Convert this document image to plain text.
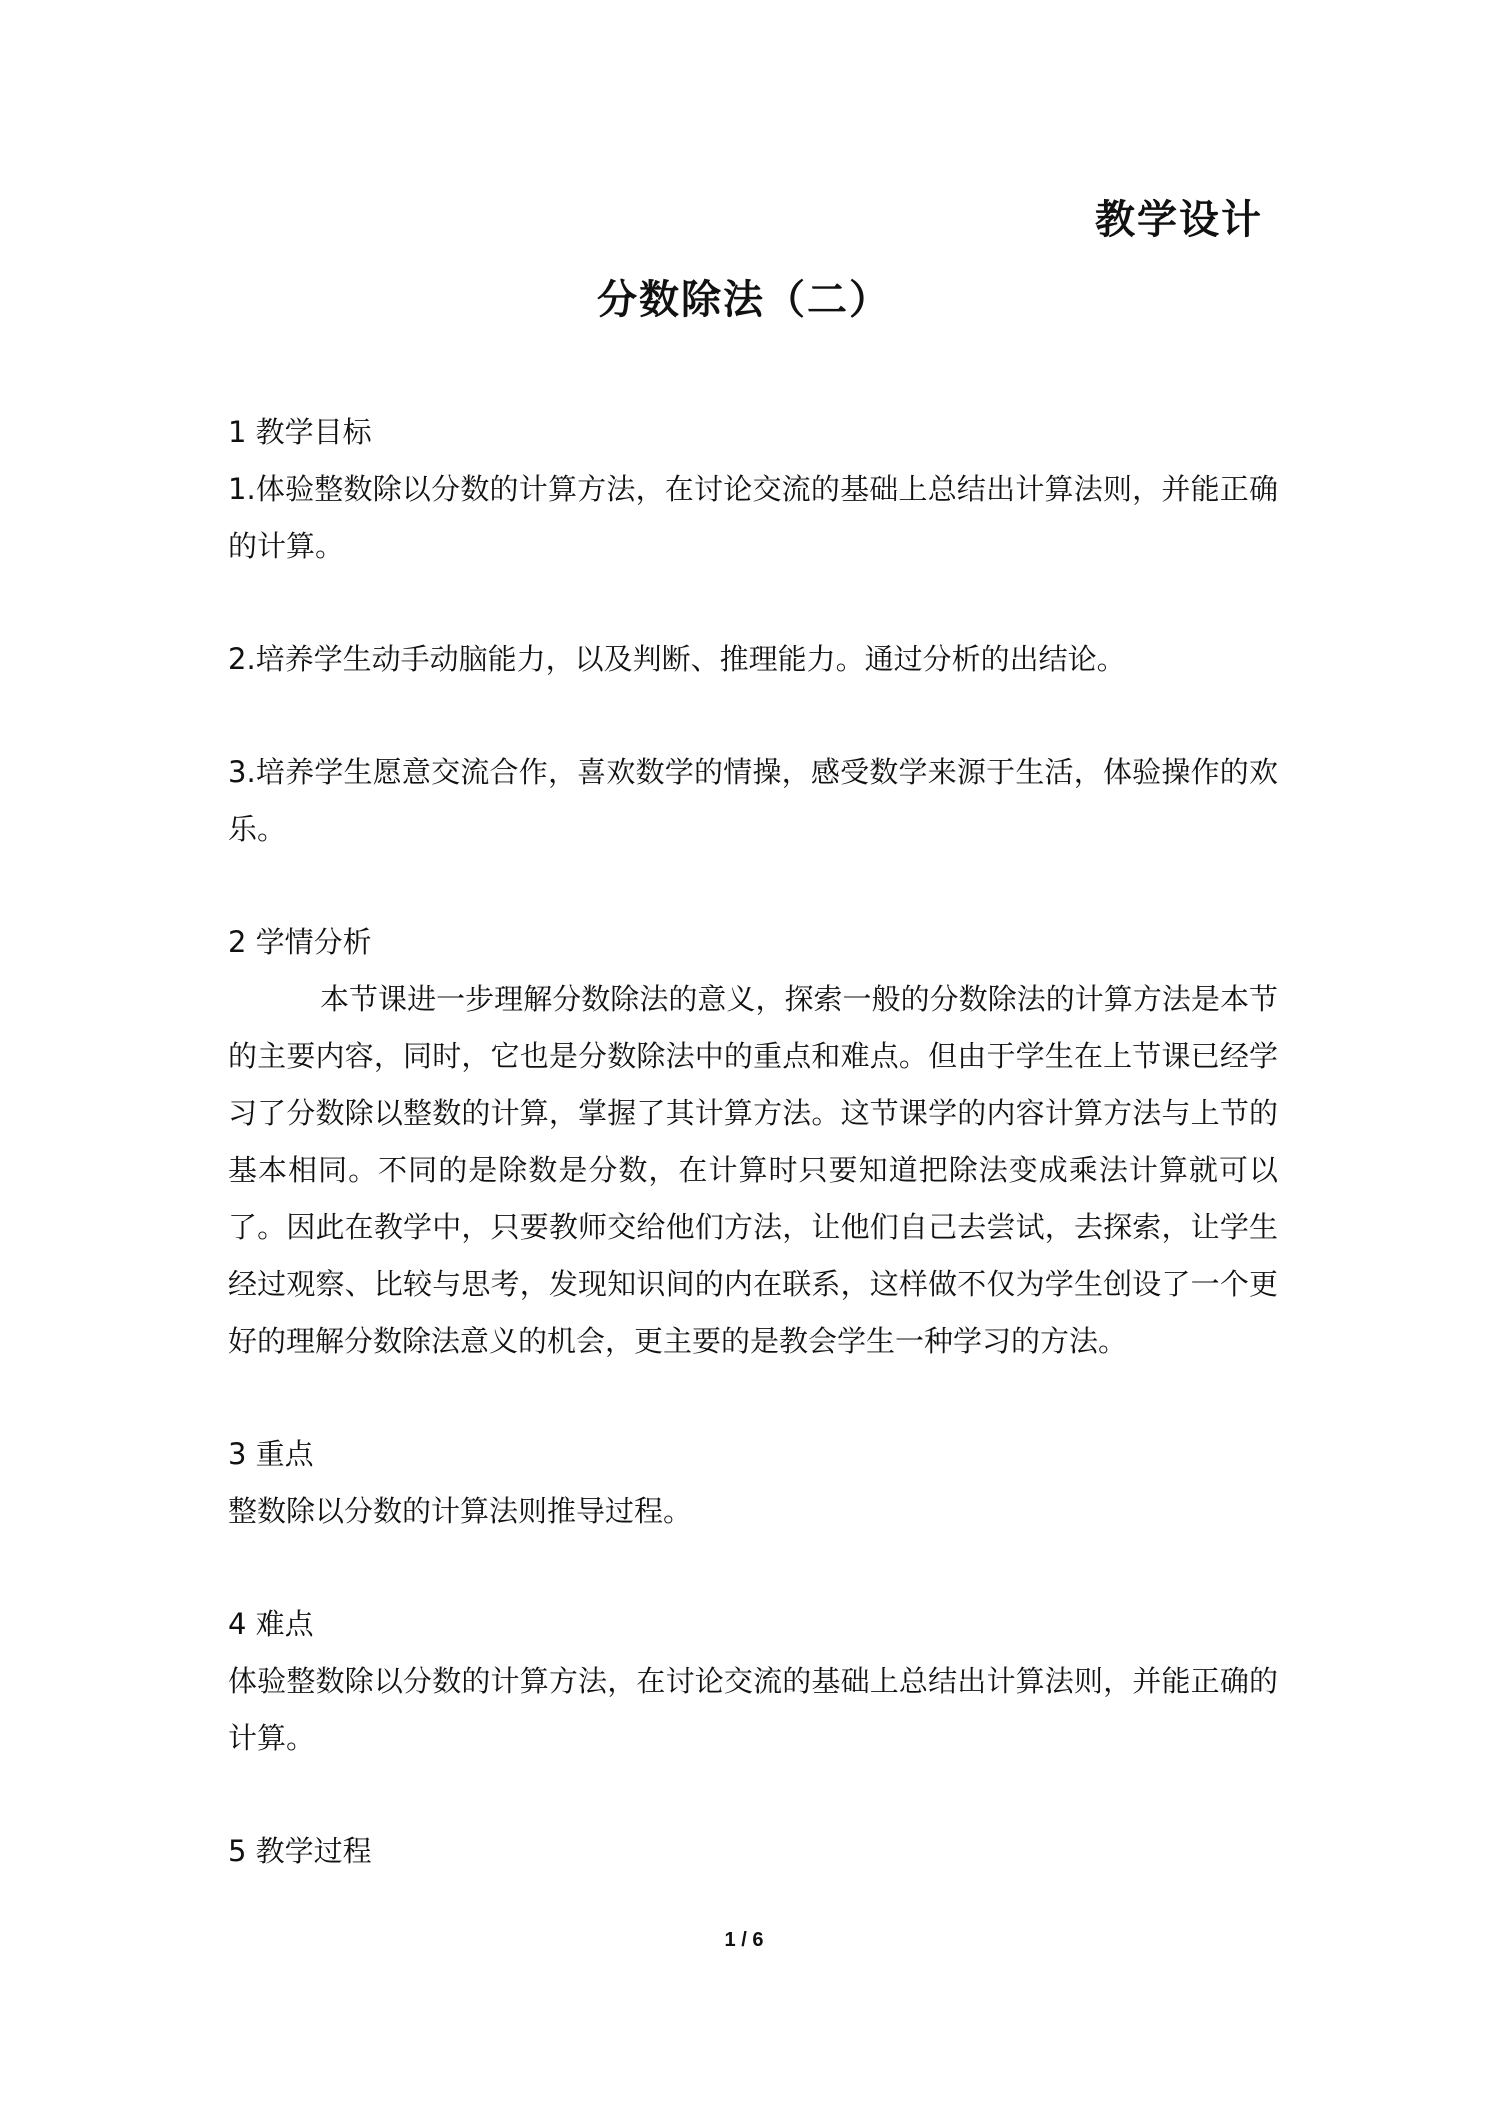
教学设计
分数除法（二）

1 教学目标

1.体验整数除以分数的计算方法，在讨论交流的基础上总结出计算法则，并能正确的计算。

2.培养学生动手动脑能力，以及判断、推理能力。通过分析的出结论。

3.培养学生愿意交流合作，喜欢数学的情操，感受数学来源于生活，体验操作的欢乐。

2 学情分析

本节课进一步理解分数除法的意义，探索一般的分数除法的计算方法是本节的主要内容，同时，它也是分数除法中的重点和难点。但由于学生在上节课已经学习了分数除以整数的计算，掌握了其计算方法。这节课学的内容计算方法与上节的基本相同。不同的是除数是分数，在计算时只要知道把除法变成乘法计算就可以了。因此在教学中，只要教师交给他们方法，让他们自己去尝试，去探索，让学生经过观察、比较与思考，发现知识间的内在联系，这样做不仅为学生创设了一个更好的理解分数除法意义的机会，更主要的是教会学生一种学习的方法。

3 重点

整数除以分数的计算法则推导过程。

4 难点

体验整数除以分数的计算方法，在讨论交流的基础上总结出计算法则，并能正确的计算。

5 教学过程

1 / 6
